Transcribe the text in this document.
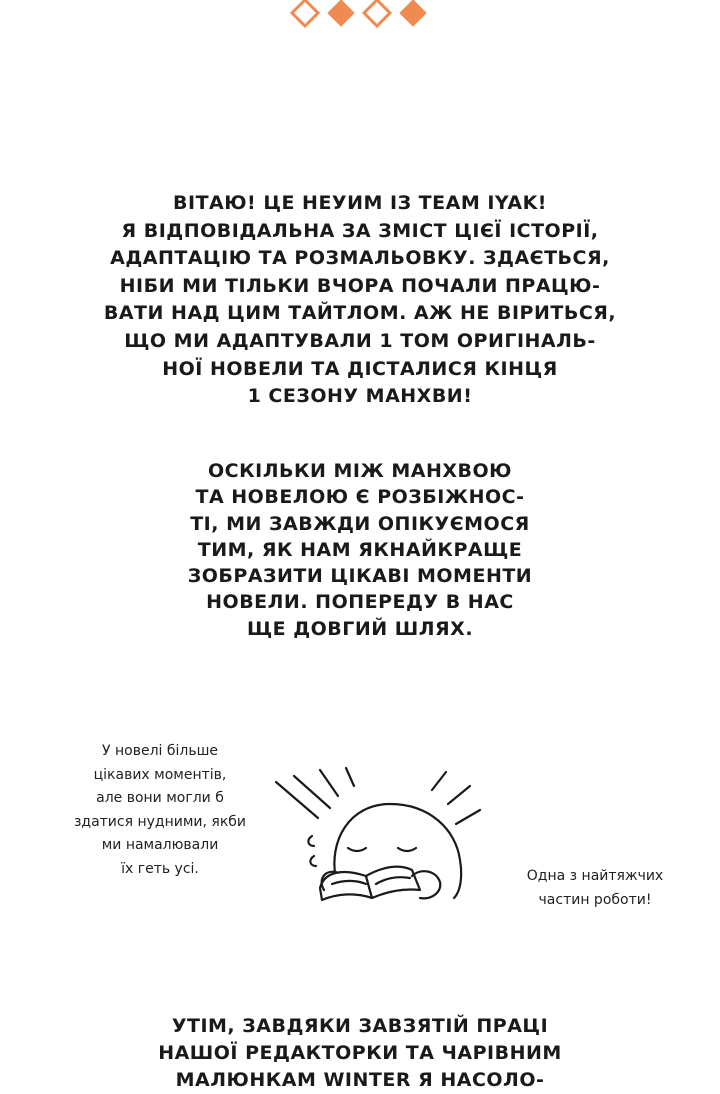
ВІТАЮ! ЦЕ НЕУИМ ІЗ TEAM IYAK!
Я ВІДПОВІДАЛЬНА ЗА ЗМІСТ ЦІЄЇ ІСТОРІЇ,
АДАПТАЦІЮ ТА РОЗМАЛЬОВКУ. ЗДАЄТЬСЯ,
НІБИ МИ ТІЛЬКИ ВЧОРА ПОЧАЛИ ПРАЦЮ-
ВАТИ НАД ЦИМ ТАЙТЛОМ. АЖ НЕ ВІРИТЬСЯ,
ЩО МИ АДАПТУВАЛИ 1 ТОМ ОРИГІНАЛЬ-
НОЇ НОВЕЛИ ТА ДІСТАЛИСЯ КІНЦЯ
1 СЕЗОНУ МАНХВИ!
ОСКІЛЬКИ МІЖ МАНХВОЮ
ТА НОВЕЛОЮ Є РОЗБІЖНОС-
ТІ, МИ ЗАВЖДИ ОПІКУЄМОСЯ
ТИМ, ЯК НАМ ЯКНАЙКРАЩЕ
ЗОБРАЗИТИ ЦІКАВІ МОМЕНТИ
НОВЕЛИ. ПОПЕРЕДУ В НАС
ЩЕ ДОВГИЙ ШЛЯХ.
У новелі більше
цікавих моментів,
але вони могли б
здатися нудними, якби
ми намалювали
їх геть усі.	Одна з найтяжчих
частин роботи!
УТІМ, ЗАВДЯКИ ЗАВЗЯТІЙ ПРАЦІ
НАШОЇ РЕДАКТОРКИ ТА ЧАРІВНИМ
МАЛЮНКАМ WINTER Я НАСОЛО-
